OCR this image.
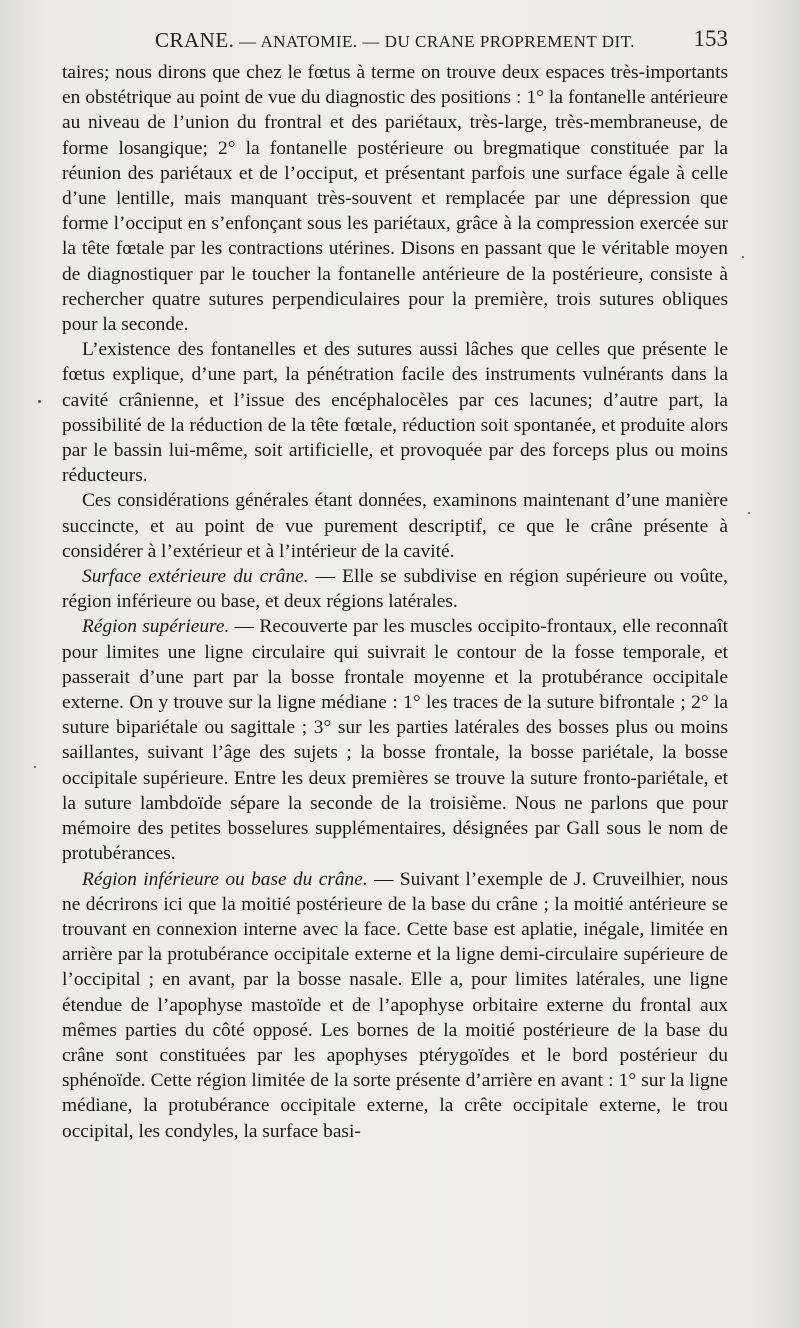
CRANE. — ANATOMIE. — DU CRANE PROPREMENT DIT.	153

taires; nous dirons que chez le fœtus à terme on trouve deux espaces très-importants en obstétrique au point de vue du diagnostic des positions : 1° la fontanelle antérieure au niveau de l’union du frontral et des pariétaux, très-large, très-membraneuse, de forme losangique; 2° la fontanelle postérieure ou bregmatique constituée par la réunion des pariétaux et de l’occiput, et présentant parfois une surface égale à celle d’une lentille, mais manquant très-souvent et remplacée par une dépression que forme l’occiput en s’enfonçant sous les pariétaux, grâce à la compression exercée sur la tête fœtale par les contractions utérines. Disons en passant que le véritable moyen de diagnostiquer par le toucher la fontanelle antérieure de la postérieure, consiste à rechercher quatre sutures perpendiculaires pour la première, trois sutures obliques pour la seconde.

L’existence des fontanelles et des sutures aussi lâches que celles que présente le fœtus explique, d’une part, la pénétration facile des instruments vulnérants dans la cavité crânienne, et l’issue des encéphalocèles par ces lacunes; d’autre part, la possibilité de la réduction de la tête fœtale, réduction soit spontanée, et produite alors par le bassin lui-même, soit artificielle, et provoquée par des forceps plus ou moins réducteurs.

Ces considérations générales étant données, examinons maintenant d’une manière succincte, et au point de vue purement descriptif, ce que le crâne présente à considérer à l’extérieur et à l’intérieur de la cavité.

Surface extérieure du crâne. — Elle se subdivise en région supérieure ou voûte, région inférieure ou base, et deux régions latérales.

Région supérieure. — Recouverte par les muscles occipito-frontaux, elle reconnaît pour limites une ligne circulaire qui suivrait le contour de la fosse temporale, et passerait d’une part par la bosse frontale moyenne et la protubérance occipitale externe. On y trouve sur la ligne médiane : 1° les traces de la suture bifrontale ; 2° la suture bipariétale ou sagittale ; 3° sur les parties latérales des bosses plus ou moins saillantes, suivant l’âge des sujets ; la bosse frontale, la bosse pariétale, la bosse occipitale supérieure. Entre les deux premières se trouve la suture fronto-pariétale, et la suture lambdoïde sépare la seconde de la troisième. Nous ne parlons que pour mémoire des petites bosselures supplémentaires, désignées par Gall sous le nom de protubérances.

Région inférieure ou base du crâne. — Suivant l’exemple de J. Cruveilhier, nous ne décrirons ici que la moitié postérieure de la base du crâne ; la moitié antérieure se trouvant en connexion interne avec la face. Cette base est aplatie, inégale, limitée en arrière par la protubérance occipitale externe et la ligne demi-circulaire supérieure de l’occipital ; en avant, par la bosse nasale. Elle a, pour limites latérales, une ligne étendue de l’apophyse mastoïde et de l’apophyse orbitaire externe du frontal aux mêmes parties du côté opposé. Les bornes de la moitié postérieure de la base du crâne sont constituées par les apophyses ptérygoïdes et le bord postérieur du sphénoïde. Cette région limitée de la sorte présente d’arrière en avant : 1° sur la ligne médiane, la protubérance occipitale externe, la crête occipitale externe, le trou occipital, les condyles, la surface basi-
